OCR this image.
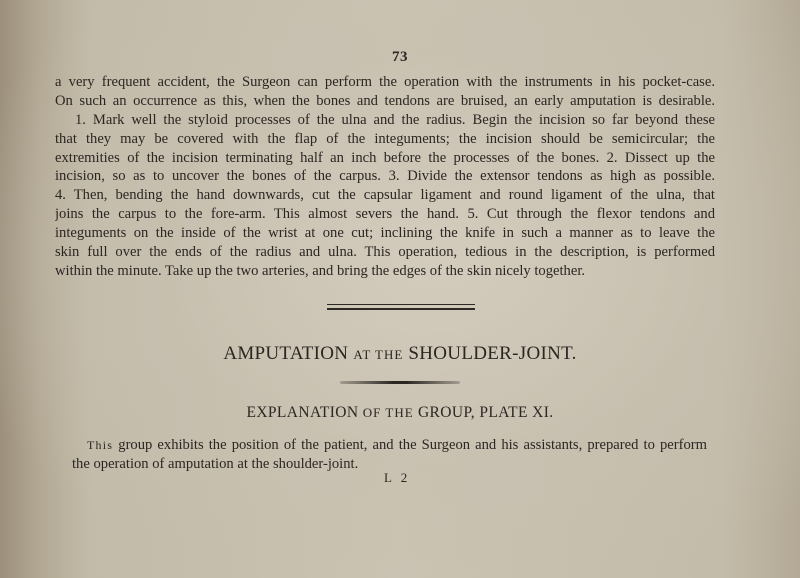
73
a very frequent accident, the Surgeon can perform the operation with the instruments in his pocket-case.
On such an occurrence as this, when the bones and tendons are bruised, an early amputation is desirable.
1. Mark well the styloid processes of the ulna and the radius. Begin the incision so far beyond these
that they may be covered with the flap of the integuments; the incision should be semicircular; the
extremities of the incision terminating half an inch before the processes of the bones. 2. Dissect up the
incision, so as to uncover the bones of the carpus. 3. Divide the extensor tendons as high as possible.
4. Then, bending the hand downwards, cut the capsular ligament and round ligament of the ulna, that
joins the carpus to the fore-arm. This almost severs the hand. 5. Cut through the flexor tendons and
integuments on the inside of the wrist at one cut; inclining the knife in such a manner as to leave the
skin full over the ends of the radius and ulna. This operation, tedious in the description, is performed
within the minute. Take up the two arteries, and bring the edges of the skin nicely together.
AMPUTATION AT THE SHOULDER-JOINT.
EXPLANATION OF THE GROUP, PLATE XI.
This group exhibits the position of the patient, and the Surgeon and his assistants, prepared to perform
the operation of amputation at the shoulder-joint.
L 2
